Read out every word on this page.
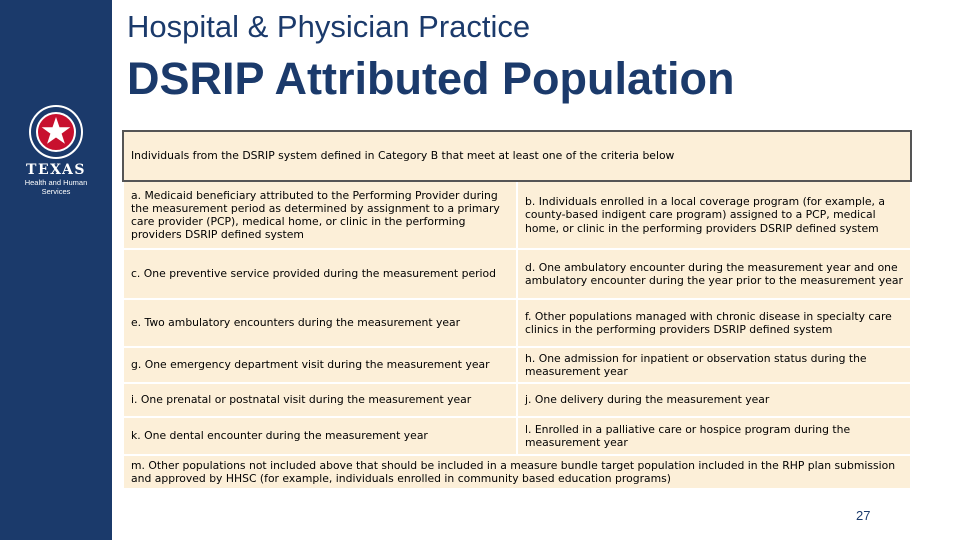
TEXAS
Health and Human
Services
Hospital & Physician Practice
DSRIP Attributed Population
Individuals from the DSRIP system defined in Category B that meet at least one of the criteria below	
a. Medicaid beneficiary attributed to the Performing Provider during the measurement period as determined by assignment to a primary care provider (PCP), medical home, or clinic in the performing providers DSRIP defined system	b. Individuals enrolled in a local coverage program (for example, a county-based indigent care program) assigned to a PCP, medical home, or clinic in the performing providers DSRIP defined system
c. One preventive service provided during the measurement period	d. One ambulatory encounter during the measurement year and one ambulatory encounter during the year prior to the measurement year
e. Two ambulatory encounters during the measurement year	f. Other populations managed with chronic disease in specialty care clinics in the performing providers DSRIP defined system
g. One emergency department visit during the measurement year	h. One admission for inpatient or observation status during the measurement year
i. One prenatal or postnatal visit during the measurement year	j. One delivery during the measurement year
k. One dental encounter during the measurement year	l. Enrolled in a palliative care or hospice program during the measurement year
m. Other populations not included above that should be included in a measure bundle target population included in the RHP plan submission and approved by HHSC (for example, individuals enrolled in community based education programs)	
27
